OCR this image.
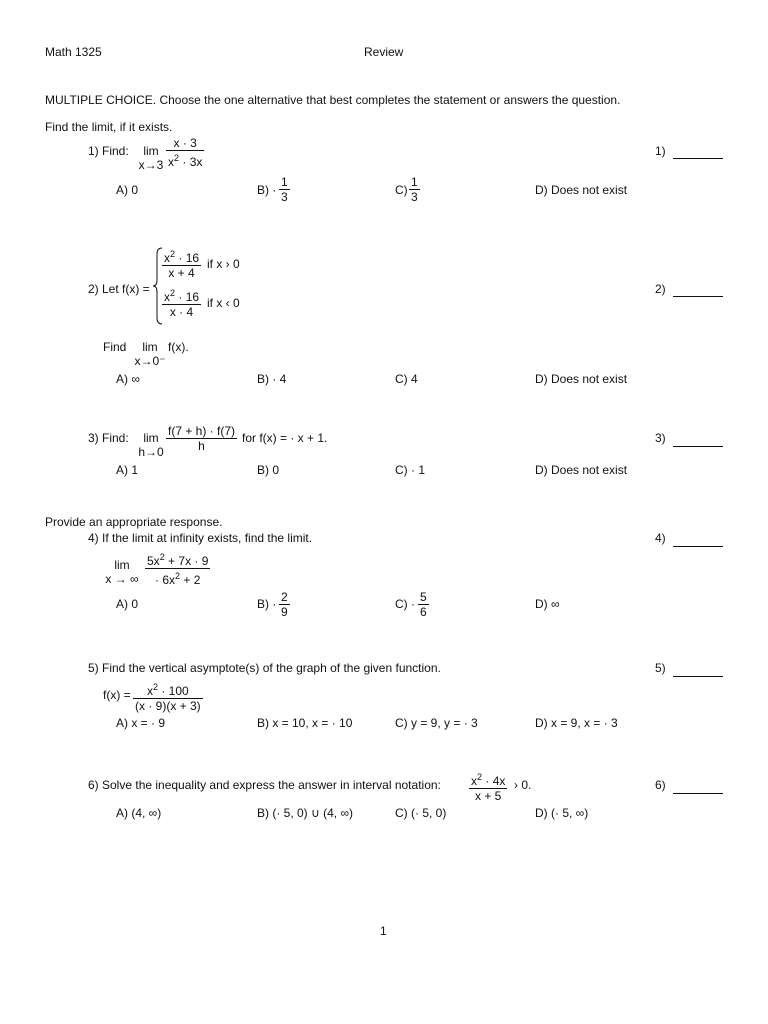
Math 1325	Review
MULTIPLE CHOICE. Choose the one alternative that best completes the statement or answers the question.
Find the limit, if it exists.
1) Find:	lim
$x\to 3 \frac{x \cdot 3}{x^2 \cdot 3x}$	1)
A) 0	$B) \cdot \frac{1}{3}$	$C) \frac{1}{3}$	D) Does not exist
2) Let f(x) =
$\frac{x^2 \cdot 16}{x + 4}$ if x › 0
$\frac{x^2 \cdot 16}{x \cdot 4}$ if x ‹ 0
2)
Find	lim
x→0⁻
f(x).
A) ∞	B) · 4	C) 4	D) Does not exist
3) Find:	lim
$h\to 0 \frac{f(7 + h) \cdot f(7)}{h}$ for f(x) = · x + 1.	3)
A) 1	B) 0	C) · 1	D) Does not exist
Provide an appropriate response.
4) If the limit at infinity exists, find the limit.
lim
x → ∞ $\frac{5x^2 + 7x \cdot 9}{\cdot 6x^2 + 2}$
4)
A) 0	$B) \cdot \frac{2}{9}$	$C) \cdot \frac{5}{6}$	D) ∞
5) Find the vertical asymptote(s) of the graph of the given function.
$f(x) = \frac{x^2 \cdot 100}{(x \cdot 9)(x + 3)}$
5)
A) x = · 9	B) x = 10, x = · 10	C) y = 9, y = · 3	D) x = 9, x = · 3
6) Solve the inequality and express the answer in interval notation: $\frac{x^2 \cdot 4x}{x + 5}$ › 0.	6)
A) (4, ∞)	B) (· 5, 0) ∪ (4, ∞)	C) (· 5, 0)	D) (· 5, ∞)
1
